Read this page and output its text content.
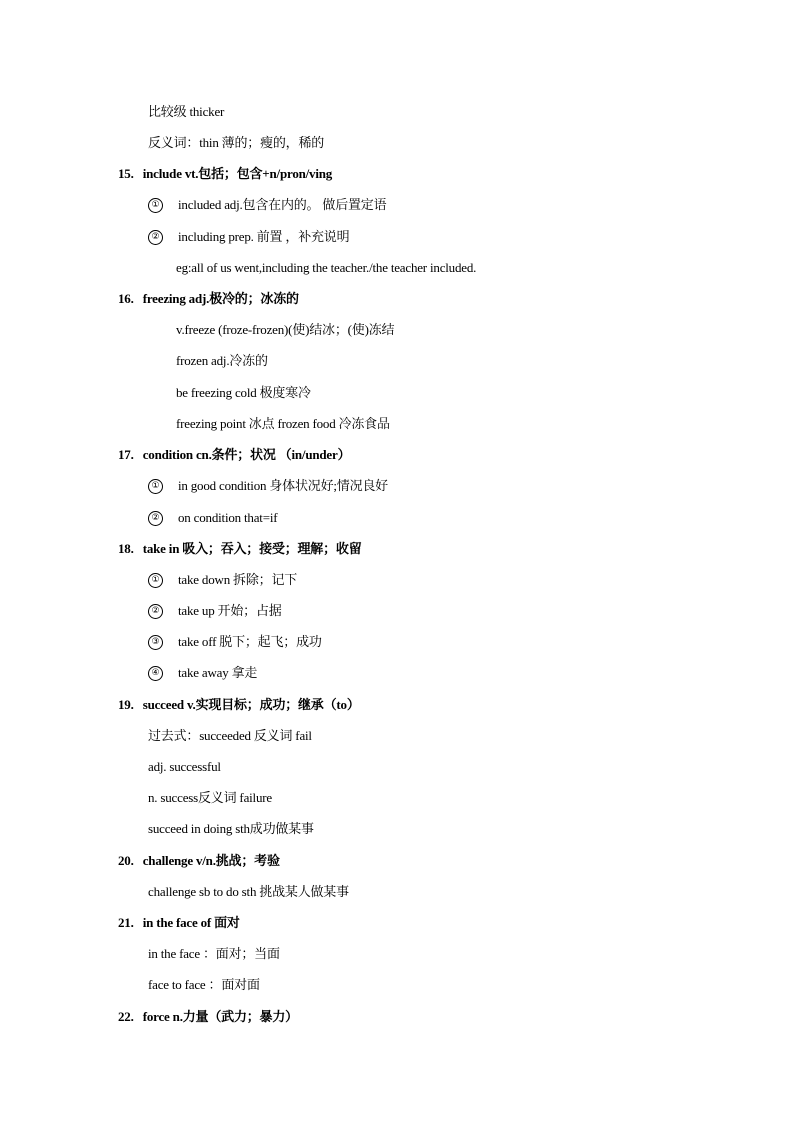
比较级 thicker
反义词：thin 薄的；瘦的，稀的
15. include vt.包括；包含+n/pron/ving
① included adj.包含在内的。 做后置定语
② including prep. 前置 ，补充说明
eg:all of us went,including the teacher./the teacher included.
16. freezing adj.极冷的；冰冻的
v.freeze (froze-frozen)(使)结冰；(使)冻结
frozen adj.冷冻的
be freezing cold 极度寒冷
freezing point 冰点 frozen food 冷冻食品
17. condition cn.条件；状况 （in/under）
① in good condition 身体状况好;情况良好
② on condition that=if
18. take in 吸入；吞入；接受；理解；收留
① take down 拆除；记下
② take up 开始；占据
③ take off 脱下；起飞；成功
④ take away 拿走
19. succeed v.实现目标；成功；继承（to）
过去式：succeeded 反义词 fail
adj. successful
n. success反义词 failure
succeed in doing sth成功做某事
20. challenge v/n.挑战；考验
challenge sb to do sth 挑战某人做某事
21. in the face of 面对
in the face ：面对；当面
face to face ：面对面
22. force n.力量（武力；暴力）
